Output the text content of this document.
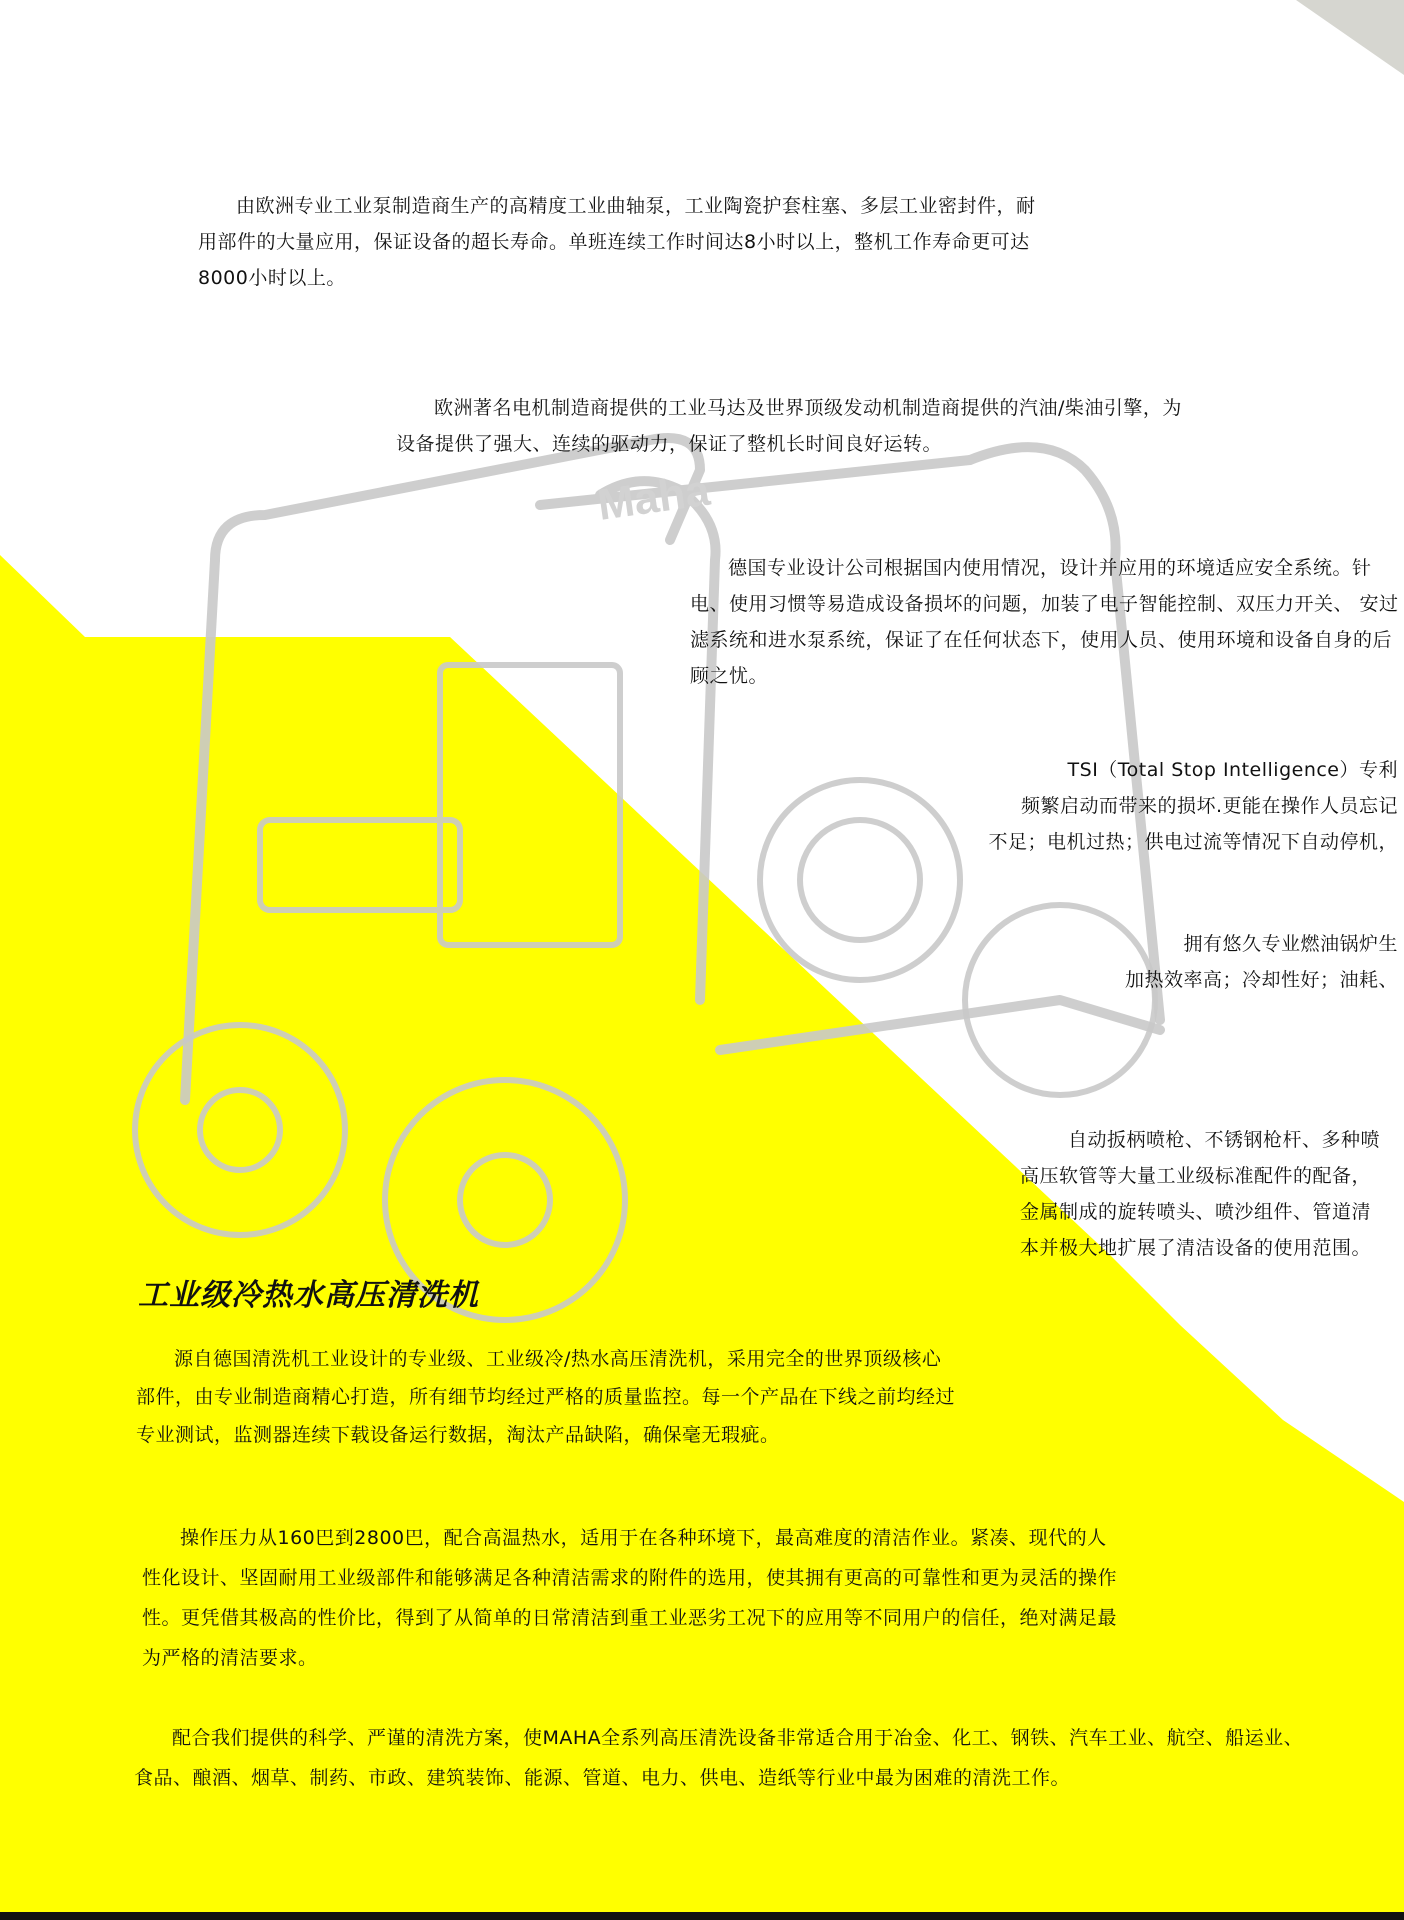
Maha
由欧洲专业工业泵制造商生产的高精度工业曲轴泵，工业陶瓷护套柱塞、多层工业密封件，耐用部件的大量应用，保证设备的超长寿命。单班连续工作时间达8小时以上，整机工作寿命更可达8000小时以上。
欧洲著名电机制造商提供的工业马达及世界顶级发动机制造商提供的汽油/柴油引擎，为设备提供了强大、连续的驱动力，保证了整机长时间良好运转。
德国专业设计公司根据国内使用情况，设计并应用的环境适应安全系统。针电、使用习惯等易造成设备损坏的问题，加装了电子智能控制、双压力开关、 安过滤系统和进水泵系统，保证了在任何状态下，使用人员、使用环境和设备自身的后顾之忧。

TSI（Total Stop Intelligence）专利

频繁启动而带来的损坏.更能在操作人员忘记

不足；电机过热；供电过流等情况下自动停机，

拥有悠久专业燃油锅炉生

加热效率高；冷却性好；油耗、

自动扳柄喷枪、不锈钢枪杆、多种喷

高压软管等大量工业级标准配件的配备，

金属制成的旋转喷头、喷沙组件、管道清

本并极大地扩展了清洁设备的使用范围。

工业级冷热水高压清洗机
源自德国清洗机工业设计的专业级、工业级冷/热水高压清洗机，采用完全的世界顶级核心部件，由专业制造商精心打造，所有细节均经过严格的质量监控。每一个产品在下线之前均经过专业测试，监测器连续下载设备运行数据，淘汰产品缺陷，确保毫无瑕疵。
操作压力从160巴到2800巴，配合高温热水，适用于在各种环境下，最高难度的清洁作业。紧凑、现代的人性化设计、坚固耐用工业级部件和能够满足各种清洁需求的附件的选用，使其拥有更高的可靠性和更为灵活的操作性。更凭借其极高的性价比，得到了从简单的日常清洁到重工业恶劣工况下的应用等不同用户的信任，绝对满足最为严格的清洁要求。
配合我们提供的科学、严谨的清洗方案，使MAHA全系列高压清洗设备非常适合用于冶金、化工、钢铁、汽车工业、航空、船运业、食品、酿酒、烟草、制药、市政、建筑装饰、能源、管道、电力、供电、造纸等行业中最为困难的清洗工作。
